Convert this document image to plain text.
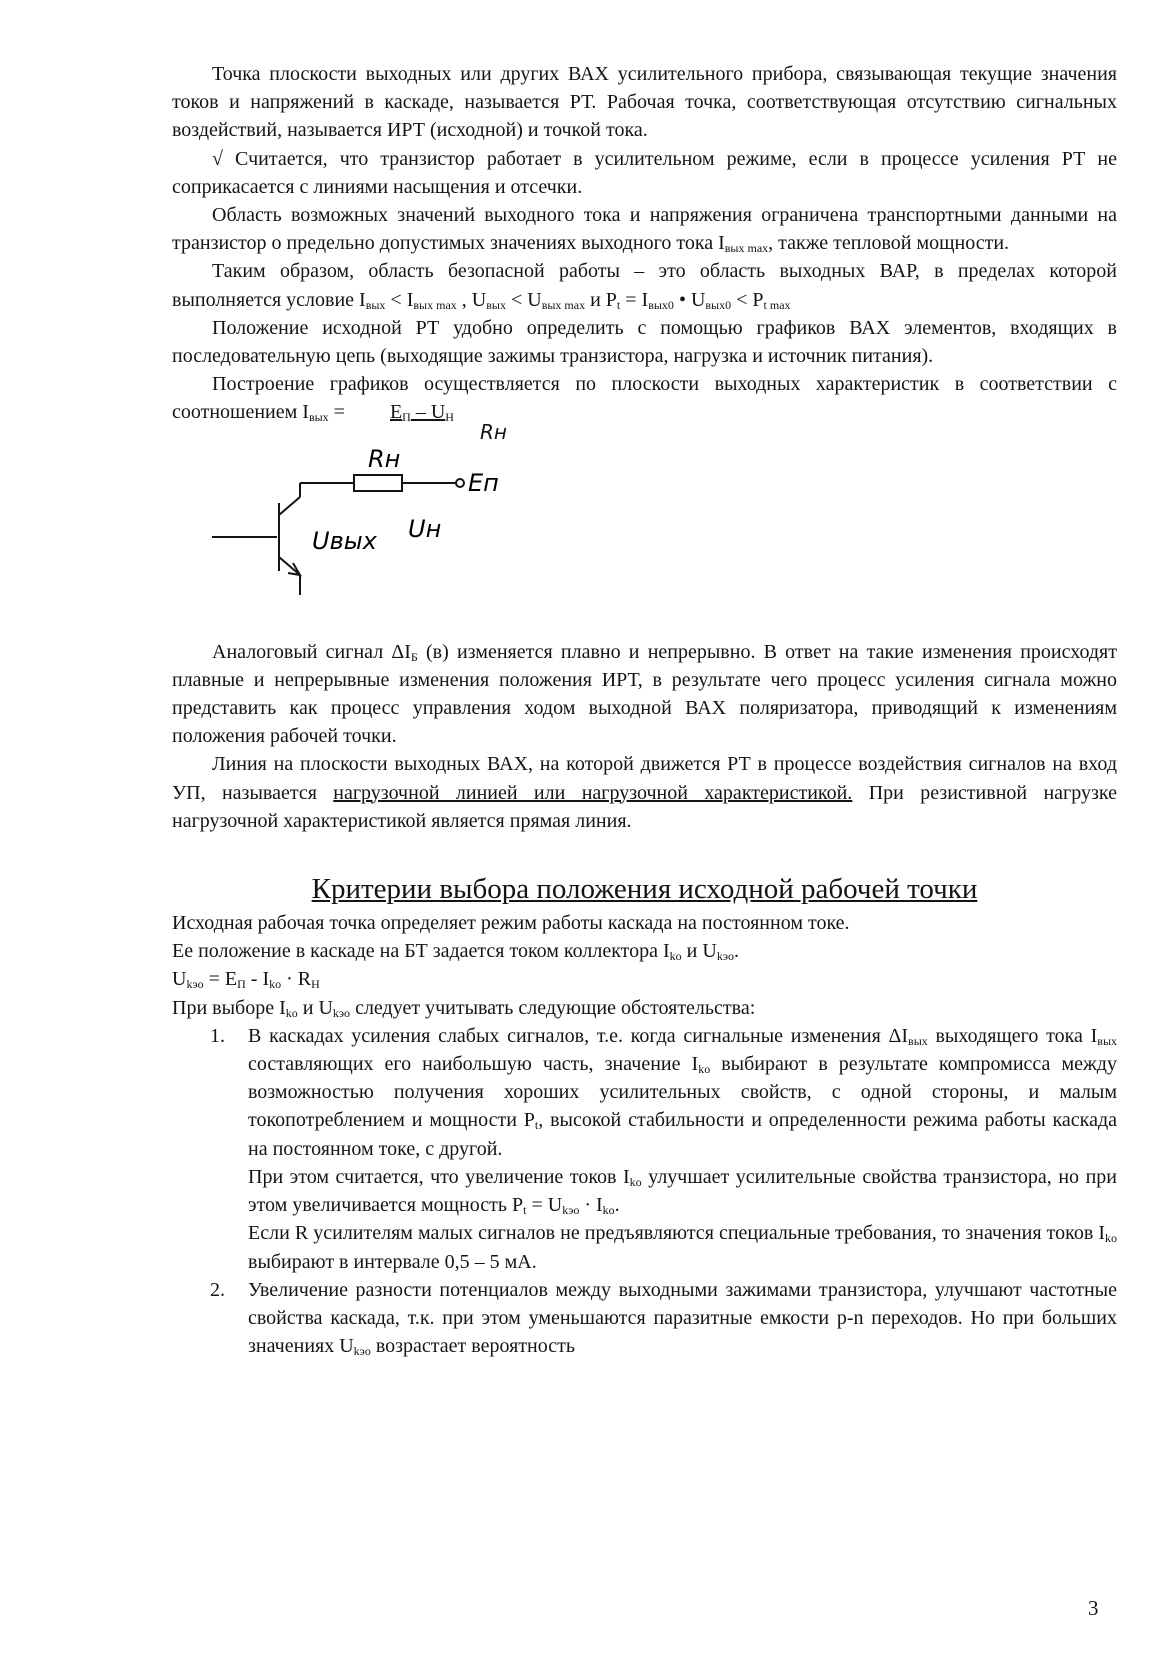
Точка плоскости выходных или других ВАХ усилительного прибора, связывающая текущие значения токов и напряжений в каскаде, называется РТ. Рабочая точка, соответствующая отсутствию сигнальных воздействий, называется ИРТ (исходной) и точкой тока.

√ Считается, что транзистор работает в усилительном режиме, если в процессе усиления РТ не соприкасается с линиями насыщения и отсечки.

Область возможных значений выходного тока и напряжения ограничена транспортными данными на транзистор о предельно допустимых значениях выходного тока $I_{вых max}$, также тепловой мощности.

Таким образом, область безопасной работы – это область выходных ВАР, в пределах которой выполняется условие $I_{вых} < I_{вых max}$ , $U_{вых} < U_{вых max}$ и $P_t = I_{вых0}$ • $U_{вых0} < P_{t max}$

Положение исходной РТ удобно определить с помощью графиков ВАХ элементов, входящих в последовательную цепь (выходящие зажимы транзистора, нагрузка и источник питания).

Построение графиков осуществляется по плоскости выходных характеристик в соответствии с соотношением $I_{вых} = E_П - U_Н$
Rн

Rн
Eп
Uн
Uвых

Аналоговый сигнал $\Delta I_Б$ (в) изменяется плавно и непрерывно. В ответ на такие изменения происходят плавные и непрерывные изменения положения ИРТ, в результате чего процесс усиления сигнала можно представить как процесс управления ходом выходной ВАХ поляризатора, приводящий к изменениям положения рабочей точки.

Линия на плоскости выходных ВАХ, на которой движется РТ в процессе воздействия сигналов на вход УП, называется нагрузочной линией или нагрузочной характеристикой. При резистивной нагрузке нагрузочной характеристикой является прямая линия.

Критерии выбора положения исходной рабочей точки

Исходная рабочая точка определяет режим работы каскада на постоянном токе.

Ее положение в каскаде на БТ задается током коллектора $I_{ko}$ и $U_{kэо}$.

$U_{kэо} = E_П - I_{ko} \cdot R_Н$

При выборе $I_{ko}$ и $U_{kэо}$ следует учитывать следующие обстоятельства:

1. В каскадах усиления слабых сигналов, т.е. когда сигнальные изменения $\Delta I_{вых}$ выходящего тока $I_{вых}$ составляющих его наибольшую часть, значение $I_{ko}$ выбирают в результате компромисса между возможностью получения хороших усилительных свойств, с одной стороны, и малым токопотреблением и мощности $P_t$, высокой стабильности и определенности режима работы каскада на постоянном токе, с другой.

При этом считается, что увеличение токов $I_{ko}$ улучшает усилительные свойства транзистора, но при этом увеличивается мощность $P_t = U_{kэо} \cdot I_{ko}$.

Если R усилителям малых сигналов не предъявляются специальные требования, то значения токов $I_{ko}$ выбирают в интервале 0,5 – 5 мА.

2. Увеличение разности потенциалов между выходными зажимами транзистора, улучшают частотные свойства каскада, т.к. при этом уменьшаются паразитные емкости p-n переходов. Но при больших значениях $U_{kэо}$ возрастает вероятность

3
